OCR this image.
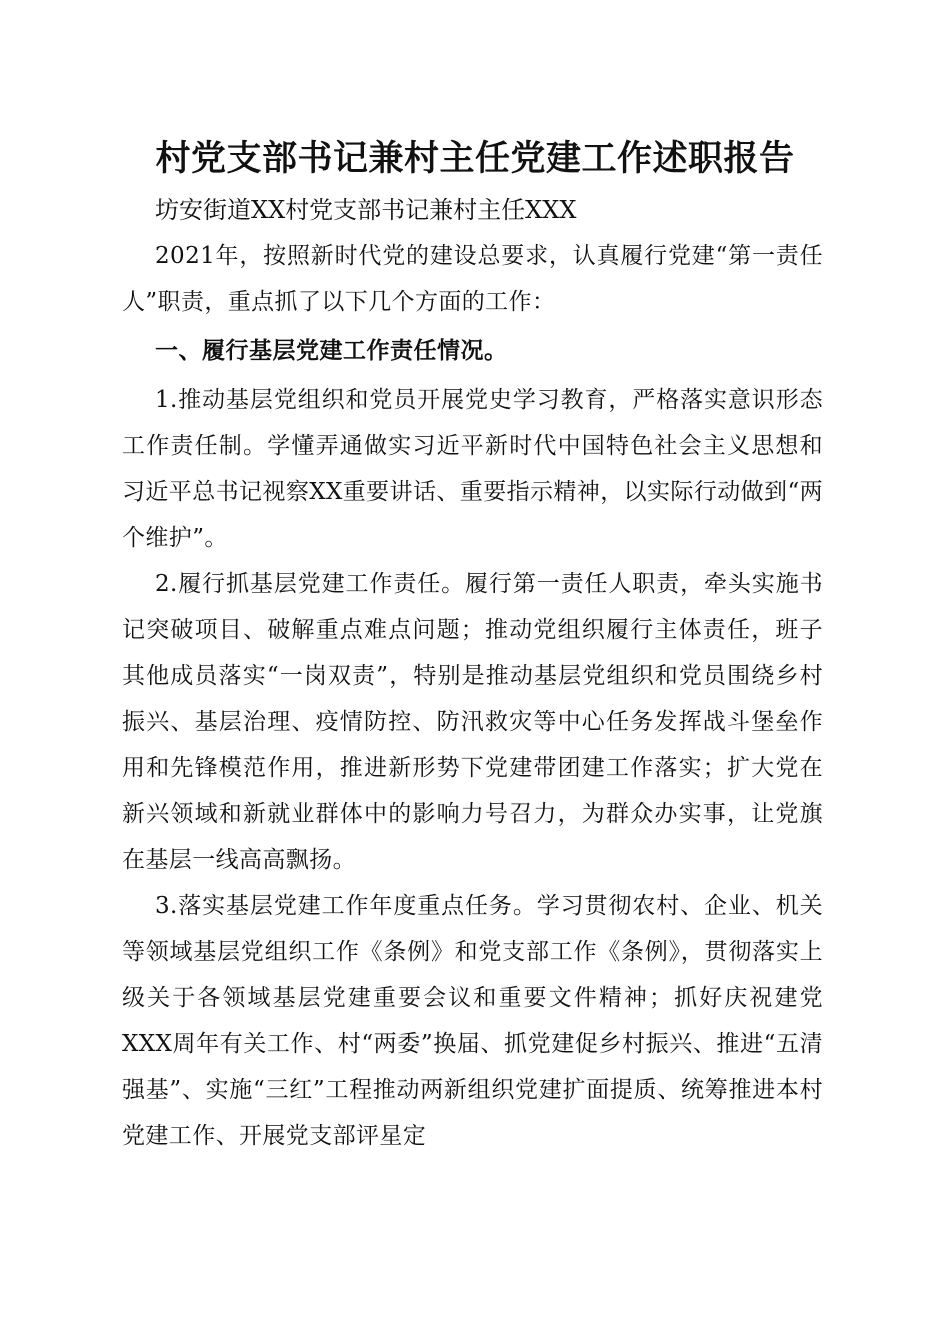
村党支部书记兼村主任党建工作述职报告

坊安街道XX村党支部书记兼村主任XXX

2021年，按照新时代党的建设总要求，认真履行党建“第一责任人”职责，重点抓了以下几个方面的工作：

一、履行基层党建工作责任情况。

1.推动基层党组织和党员开展党史学习教育，严格落实意识形态工作责任制。学懂弄通做实习近平新时代中国特色社会主义思想和习近平总书记视察XX重要讲话、重要指示精神，以实际行动做到“两个维护”。

2.履行抓基层党建工作责任。履行第一责任人职责，牵头实施书记突破项目、破解重点难点问题；推动党组织履行主体责任，班子其他成员落实“一岗双责”，特别是推动基层党组织和党员围绕乡村振兴、基层治理、疫情防控、防汛救灾等中心任务发挥战斗堡垒作用和先锋模范作用，推进新形势下党建带团建工作落实；扩大党在新兴领域和新就业群体中的影响力号召力，为群众办实事，让党旗在基层一线高高飘扬。

3.落实基层党建工作年度重点任务。学习贯彻农村、企业、机关等领域基层党组织工作《条例》和党支部工作《条例》，贯彻落实上级关于各领域基层党建重要会议和重要文件精神；抓好庆祝建党XXX周年有关工作、村“两委”换届、抓党建促乡村振兴、推进“五清强基”、实施“三红”工程推动两新组织党建扩面提质、统筹推进本村党建工作、开展党支部评星定
